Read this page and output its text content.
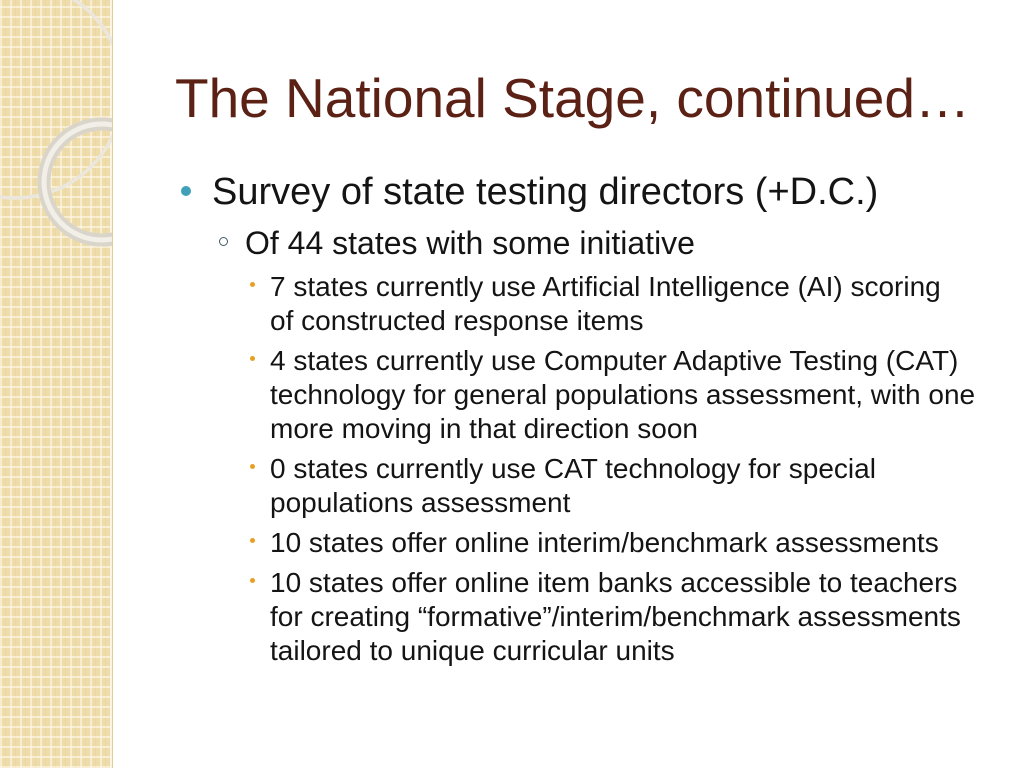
The National Stage, continued…
Survey of state testing directors (+D.C.)
Of 44 states with some initiative
7 states currently use Artificial Intelligence (AI) scoring
of constructed response items
4 states currently use Computer Adaptive Testing (CAT)
technology for general populations assessment, with one
more moving in that direction soon
0 states currently use CAT technology for special
populations assessment
10 states offer online interim/benchmark assessments
10 states offer online item banks accessible to teachers
for creating “formative”/interim/benchmark assessments
tailored to unique curricular units
